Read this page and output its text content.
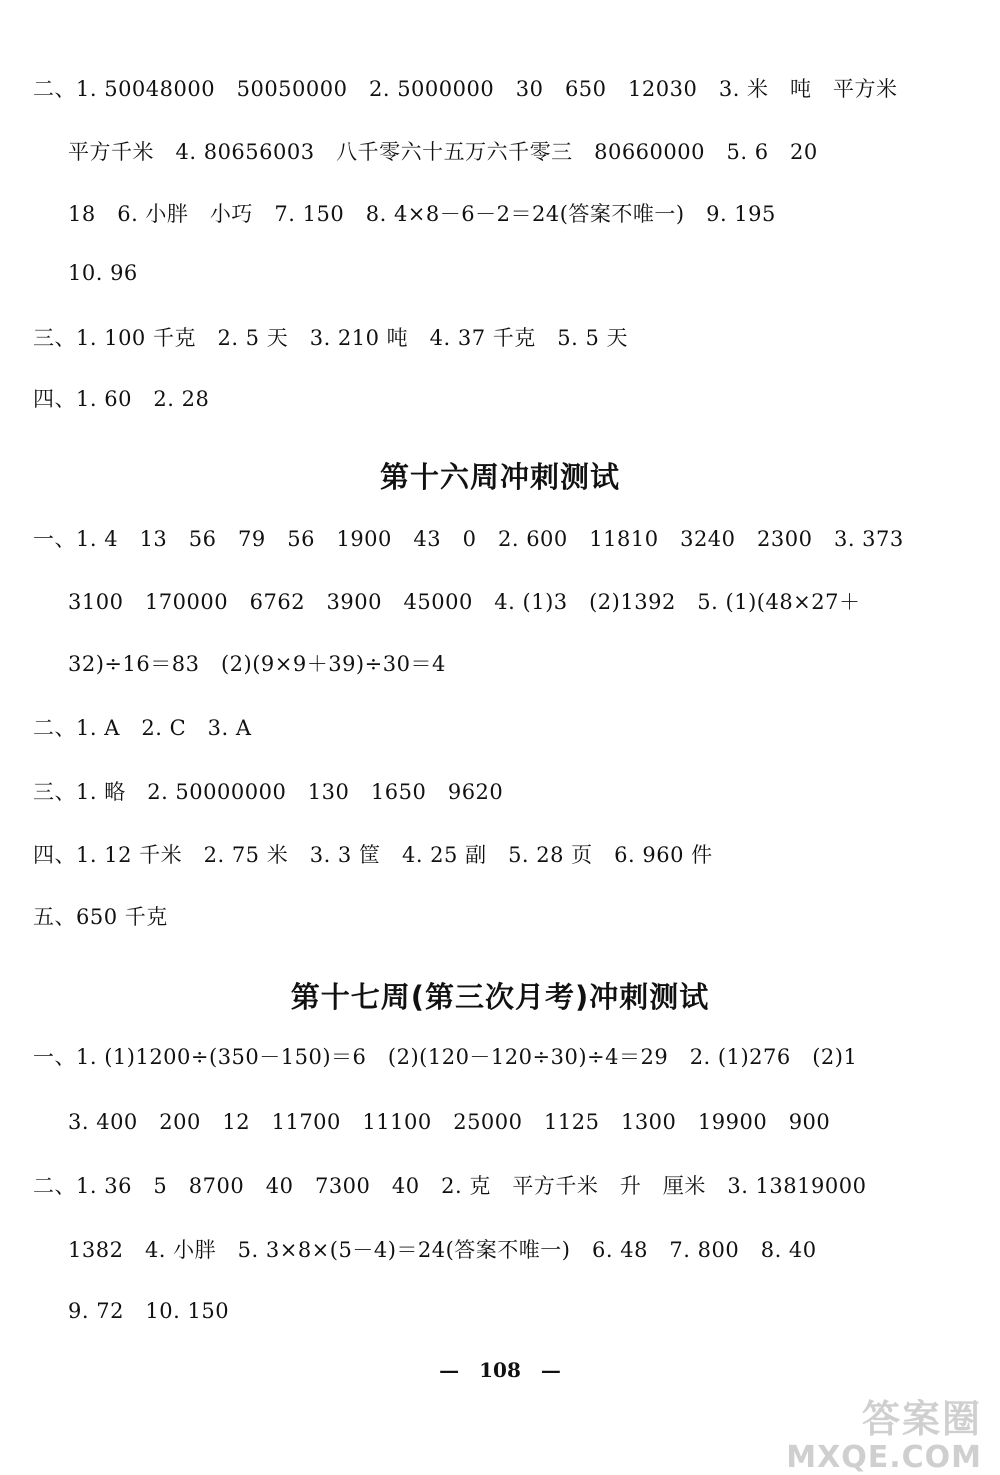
二、1. 50048000　50050000　2. 5000000　30　650　12030　3. 米　吨　平方米
平方千米　4. 80656003　八千零六十五万六千零三　80660000　5. 6　20
18　6. 小胖　小巧　7. 150　8. 4×8－6－2＝24(答案不唯一)　9. 195
10. 96
三、1. 100 千克　2. 5 天　3. 210 吨　4. 37 千克　5. 5 天
四、1. 60　2. 28
第十六周冲刺测试
一、1. 4　13　56　79　56　1900　43　0　2. 600　11810　3240　2300　3. 373
3100　170000　6762　3900　45000　4. (1)3　(2)1392　5. (1)(48×27＋
32)÷16＝83　(2)(9×9＋39)÷30＝4
二、1. A　2. C　3. A
三、1. 略　2. 50000000　130　1650　9620
四、1. 12 千米　2. 75 米　3. 3 筐　4. 25 副　5. 28 页　6. 960 件
五、650 千克
第十七周(第三次月考)冲刺测试
一、1. (1)1200÷(350－150)＝6　(2)(120－120÷30)÷4＝29　2. (1)276　(2)1
3. 400　200　12　11700　11100　25000　1125　1300　19900　900
二、1. 36　5　8700　40　7300　40　2. 克　平方千米　升　厘米　3. 13819000
1382　4. 小胖　5. 3×8×(5－4)＝24(答案不唯一)　6. 48　7. 800　8. 40
9. 72　10. 150
—　108　—
答案圈
MXQE.COM
